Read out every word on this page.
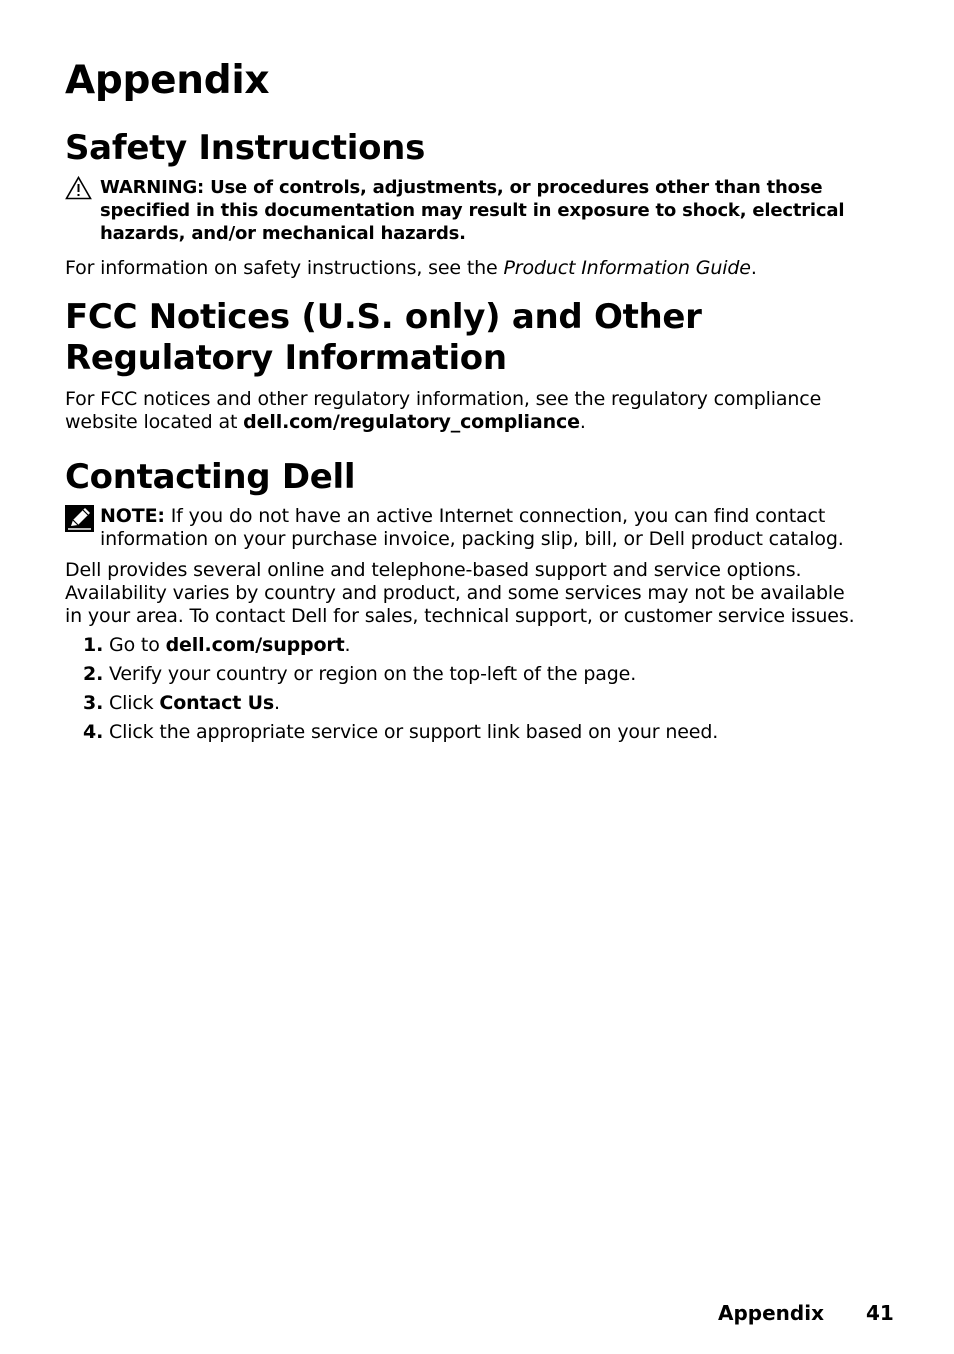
Appendix
Safety Instructions
WARNING: Use of controls, adjustments, or procedures other than those specified in this documentation may result in exposure to shock, electrical hazards, and/or mechanical hazards.

For information on safety instructions, see the Product Information Guide.

FCC Notices (U.S. only) and Other Regulatory Information

For FCC notices and other regulatory information, see the regulatory compliance website located at dell.com/regulatory_compliance.

Contacting Dell
NOTE: If you do not have an active Internet connection, you can find contact information on your purchase invoice, packing slip, bill, or Dell product catalog.

Dell provides several online and telephone-based support and service options. Availability varies by country and product, and some services may not be available in your area. To contact Dell for sales, technical support, or customer service issues.

1. Go to dell.com/support.
2. Verify your country or region on the top-left of the page.
3. Click Contact Us.
4. Click the appropriate service or support link based on your need.
Appendix 41
